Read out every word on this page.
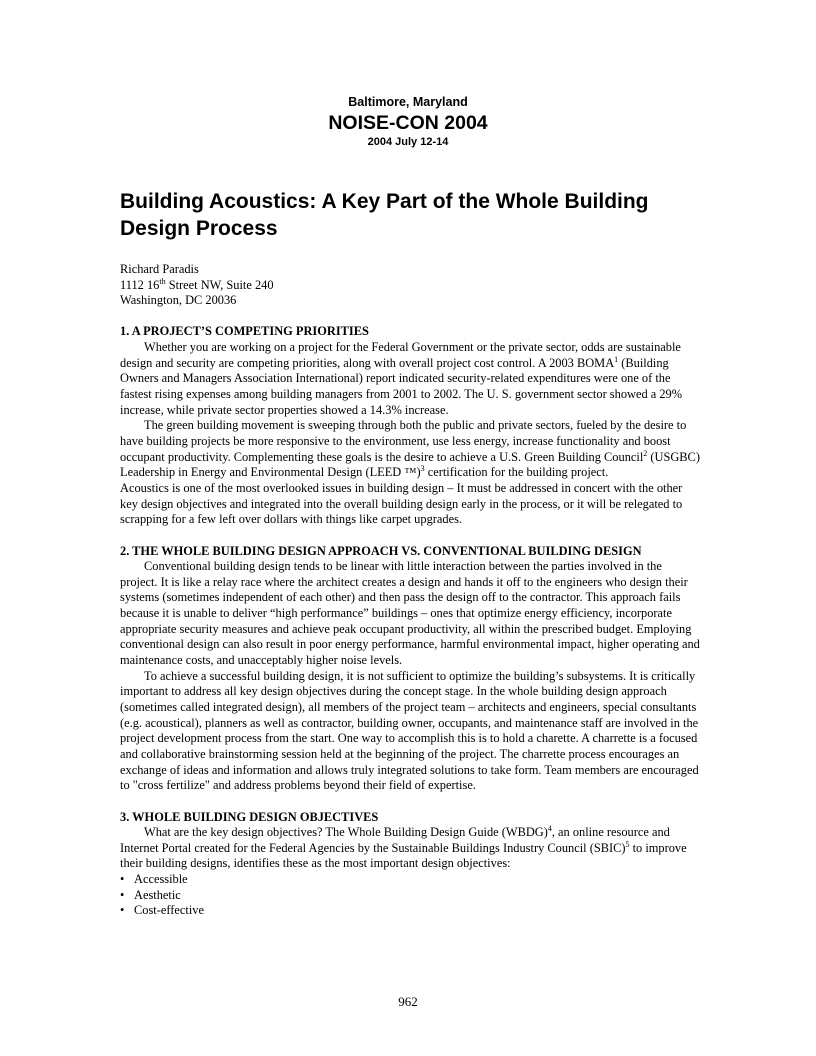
Baltimore, Maryland
NOISE-CON 2004
2004 July 12-14
Building Acoustics: A Key Part of the Whole Building Design Process

Richard Paradis

1112 16th Street NW, Suite 240

Washington, DC 20036

1. A PROJECT’S COMPETING PRIORITIES

Whether you are working on a project for the Federal Government or the private sector, odds are sustainable design and security are competing priorities, along with overall project cost control. A 2003 BOMA$^1$ (Building Owners and Managers Association International) report indicated security-related expenditures were one of the fastest rising expenses among building managers from 2001 to 2002. The U. S. government sector showed a 29% increase, while private sector properties showed a 14.3% increase.

The green building movement is sweeping through both the public and private sectors, fueled by the desire to have building projects be more responsive to the environment, use less energy, increase functionality and boost occupant productivity. Complementing these goals is the desire to achieve a U.S. Green Building Council$^2$ (USGBC) Leadership in Energy and Environmental Design (LEED ™)$^3$ certification for the building project.

Acoustics is one of the most overlooked issues in building design – It must be addressed in concert with the other key design objectives and integrated into the overall building design early in the process, or it will be relegated to scrapping for a few left over dollars with things like carpet upgrades.

2. THE WHOLE BUILDING DESIGN APPROACH VS. CONVENTIONAL BUILDING DESIGN

Conventional building design tends to be linear with little interaction between the parties involved in the project. It is like a relay race where the architect creates a design and hands it off to the engineers who design their systems (sometimes independent of each other) and then pass the design off to the contractor. This approach fails because it is unable to deliver “high performance” buildings – ones that optimize energy efficiency, incorporate appropriate security measures and achieve peak occupant productivity, all within the prescribed budget. Employing conventional design can also result in poor energy performance, harmful environmental impact, higher operating and maintenance costs, and unacceptably higher noise levels.

To achieve a successful building design, it is not sufficient to optimize the building’s subsystems. It is critically important to address all key design objectives during the concept stage. In the whole building design approach (sometimes called integrated design), all members of the project team – architects and engineers, special consultants (e.g. acoustical), planners as well as contractor, building owner, occupants, and maintenance staff are involved in the project development process from the start. One way to accomplish this is to hold a charette. A charrette is a focused and collaborative brainstorming session held at the beginning of the project. The charrette process encourages an exchange of ideas and information and allows truly integrated solutions to take form. Team members are encouraged to "cross fertilize" and address problems beyond their field of expertise.

3. WHOLE BUILDING DESIGN OBJECTIVES

What are the key design objectives? The Whole Building Design Guide (WBDG)$^4$, an online resource and Internet Portal created for the Federal Agencies by the Sustainable Buildings Industry Council (SBIC)$^5$ to improve their building designs, identifies these as the most important design objectives:

• Accessible
• Aesthetic
• Cost-effective
962
